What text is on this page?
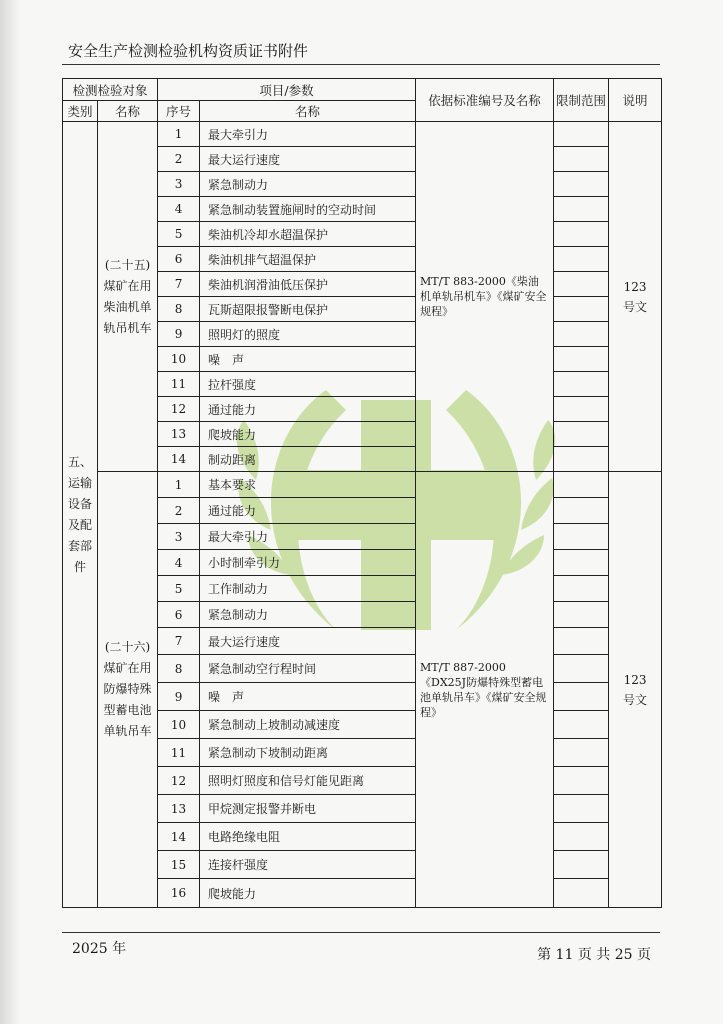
安全生产检测检验机构资质证书附件
检测检验对象		项目/参数		依据标准编号及名称	限制范围	说明
类别	名称	序号	名称			
五、运输设备及配套部件	(二十五)煤矿在用柴油机单轨吊机车	1	最大牵引力	MT/T 883-2000《柴油机单轨吊机车》《煤矿安全规程》		123号文
		2	最大运行速度			
		3	紧急制动力			
		4	紧急制动装置施闸时的空动时间			
		5	柴油机冷却水超温保护			
		6	柴油机排气超温保护			
		7	柴油机润滑油低压保护			
		8	瓦斯超限报警断电保护			
		9	照明灯的照度			
		10	噪　声			
		11	拉杆强度			
		12	通过能力			
		13	爬坡能力			
		14	制动距离			
	(二十六)煤矿在用防爆特殊型蓄电池单轨吊车	1	基本要求	MT/T 887-2000《DX25J防爆特殊型蓄电池单轨吊车》《煤矿安全规程》		123号文
		2	通过能力			
		3	最大牵引力			
		4	小时制牵引力			
		5	工作制动力			
		6	紧急制动力			
		7	最大运行速度			
		8	紧急制动空行程时间			
		9	噪　声			
		10	紧急制动上坡制动减速度			
		11	紧急制动下坡制动距离			
		12	照明灯照度和信号灯能见距离			
		13	甲烷测定报警并断电			
		14	电路绝缘电阻			
		15	连接杆强度			
		16	爬坡能力			
2025 年	第 11 页 共 25 页
